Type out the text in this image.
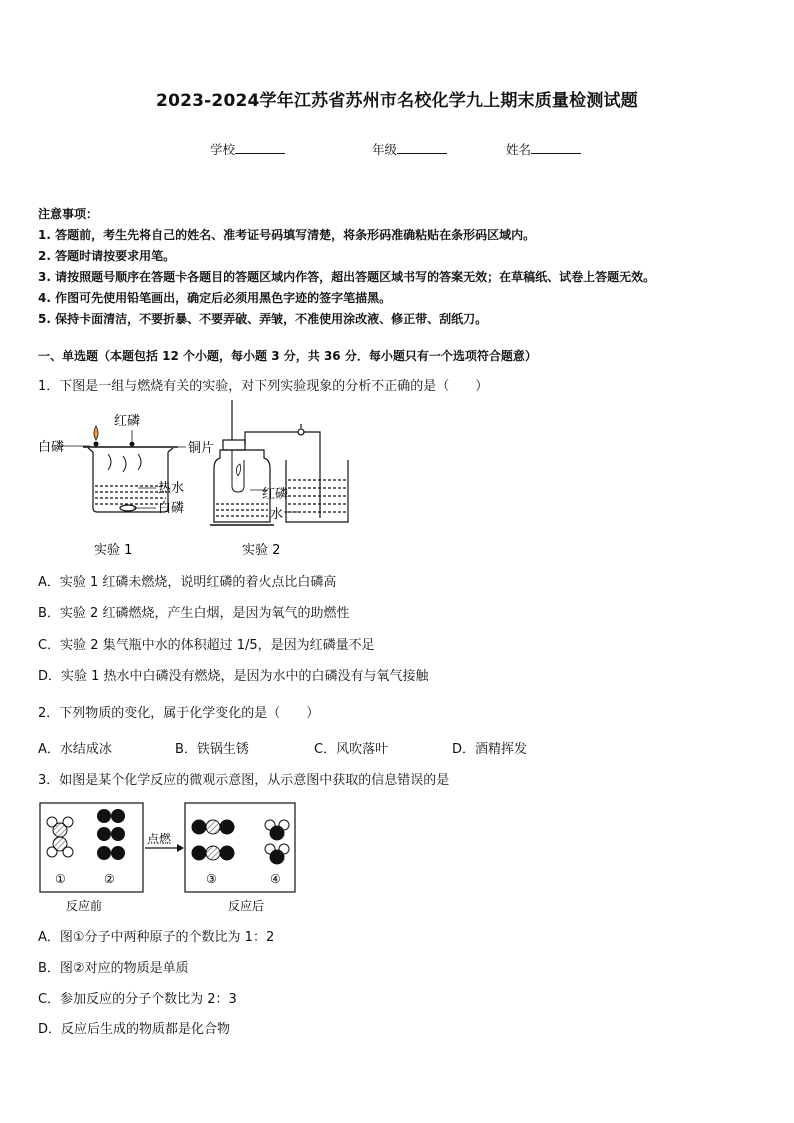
2023-2024学年江苏省苏州市名校化学九上期末质量检测试题
学校	年级	姓名
注意事项：
1. 答题前，考生先将自己的姓名、准考证号码填写清楚，将条形码准确粘贴在条形码区域内。
2. 答题时请按要求用笔。
3. 请按照题号顺序在答题卡各题目的答题区域内作答，超出答题区域书写的答案无效；在草稿纸、试卷上答题无效。
4. 作图可先使用铅笔画出，确定后必须用黑色字迹的签字笔描黑。
5. 保持卡面清洁，不要折暴、不要弄破、弄皱，不准使用涂改液、修正带、刮纸刀。
一、单选题（本题包括 12 个小题，每小题 3 分，共 36 分．每小题只有一个选项符合题意）
1．下图是一组与燃烧有关的实验，对下列实验现象的分析不正确的是（　　）
红磷
白磷	铜片
热水
白磷
实验 1
红磷
水
实验 2
A．实验 1 红磷未燃烧，说明红磷的着火点比白磷高
B．实验 2 红磷燃烧，产生白烟，是因为氧气的助燃性
C．实验 2 集气瓶中水的体积超过 1/5，是因为红磷量不足
D．实验 1 热水中白磷没有燃烧，是因为水中的白磷没有与氧气接触
2．下列物质的变化，属于化学变化的是（　　）
A．水结成冰	B．铁锅生锈	C．风吹落叶	D．酒精挥发
3．如图是某个化学反应的微观示意图，从示意图中获取的信息错误的是
点燃
①	②	③	④
反应前	反应后
A．图①分子中两种原子的个数比为 1：2
B．图②对应的物质是单质
C．参加反应的分子个数比为 2：3
D．反应后生成的物质都是化合物
